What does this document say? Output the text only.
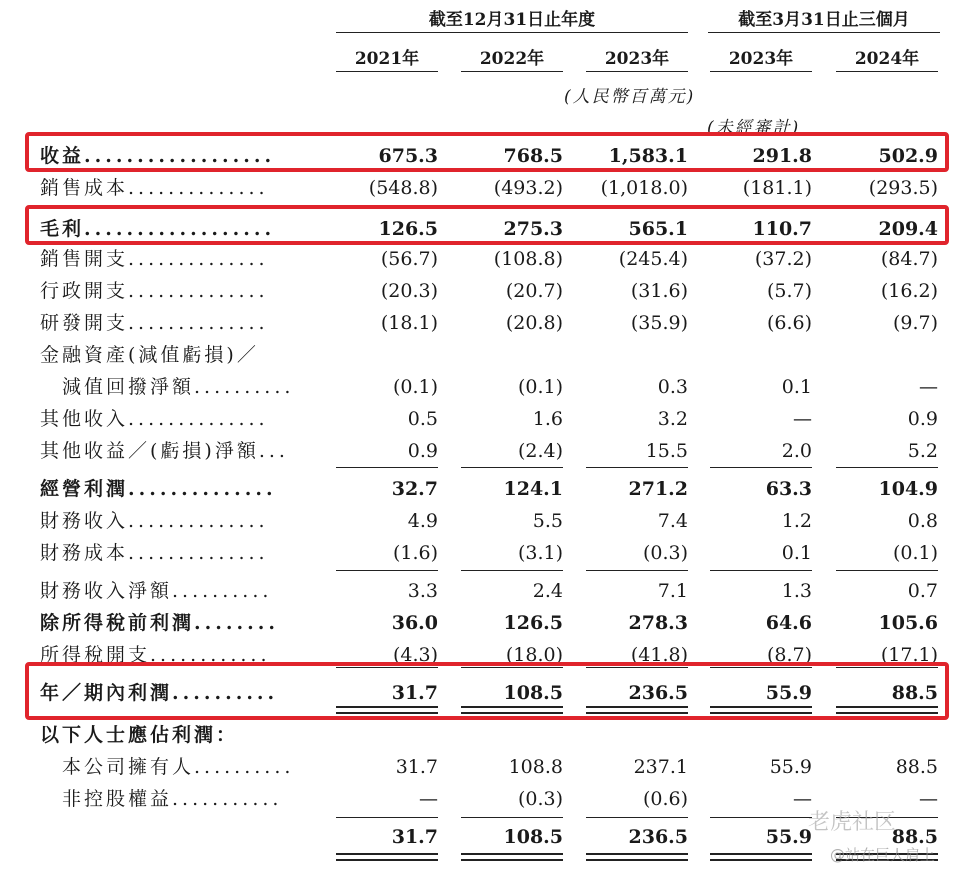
截至12月31日止年度	截至3月31日止三個月
2021年	2022年	2023年	2023年	2024年
(人民幣百萬元)
(未經審計)
收益..................	675.3	768.5	1,583.1	291.8	502.9
銷售成本..............	(548.8)	(493.2)	(1,018.0)	(181.1)	(293.5)
毛利..................	126.5	275.3	565.1	110.7	209.4
銷售開支..............	(56.7)	(108.8)	(245.4)	(37.2)	(84.7)
行政開支..............	(20.3)	(20.7)	(31.6)	(5.7)	(16.2)
研發開支..............	(18.1)	(20.8)	(35.9)	(6.6)	(9.7)
金融資產(減值虧損)／
減值回撥淨額..........	(0.1)	(0.1)	0.3	0.1	—
其他收入..............	0.5	1.6	3.2	—	0.9
其他收益／(虧損)淨額...	0.9	(2.4)	15.5	2.0	5.2
經營利潤..............	32.7	124.1	271.2	63.3	104.9
財務收入..............	4.9	5.5	7.4	1.2	0.8
財務成本..............	(1.6)	(3.1)	(0.3)	0.1	(0.1)
財務收入淨額..........	3.3	2.4	7.1	1.3	0.7
除所得稅前利潤........	36.0	126.5	278.3	64.6	105.6
所得稅開支............	(4.3)	(18.0)	(41.8)	(8.7)	(17.1)
年／期內利潤..........	31.7	108.5	236.5	55.9	88.5
以下人士應佔利潤：
本公司擁有人..........	31.7	108.8	237.1	55.9	88.5
非控股權益...........	—	(0.3)	(0.6)	—	—
31.7	108.5	236.5	55.9	88.5
老虎社区
@站在巨人肩上
